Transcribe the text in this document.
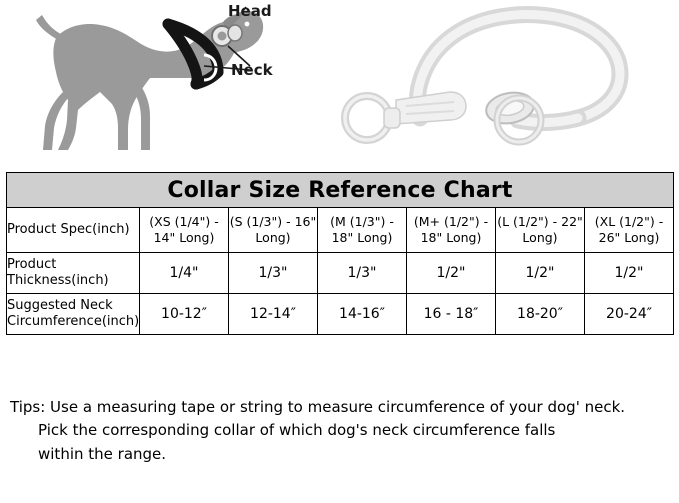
Head
Neck
Collar Size Reference Chart						
Product Spec(inch)	(XS (1/4") - 14" Long)	(S (1/3") - 16" Long)	(M (1/3") - 18" Long)	(M+ (1/2") - 18" Long)	(L (1/2") - 22" Long)	(XL (1/2") - 26" Long)
Product Thickness(inch)	1/4"	1/3"	1/3"	1/2"	1/2"	1/2"
Suggested Neck Circumference(inch)	10-12″	12-14″	14-16″	16 - 18″	18-20″	20-24″
Tips: Use a measuring tape or string to measure circumference of your dog' neck.
Pick the corresponding collar of which dog's neck circumference falls
within the range.
